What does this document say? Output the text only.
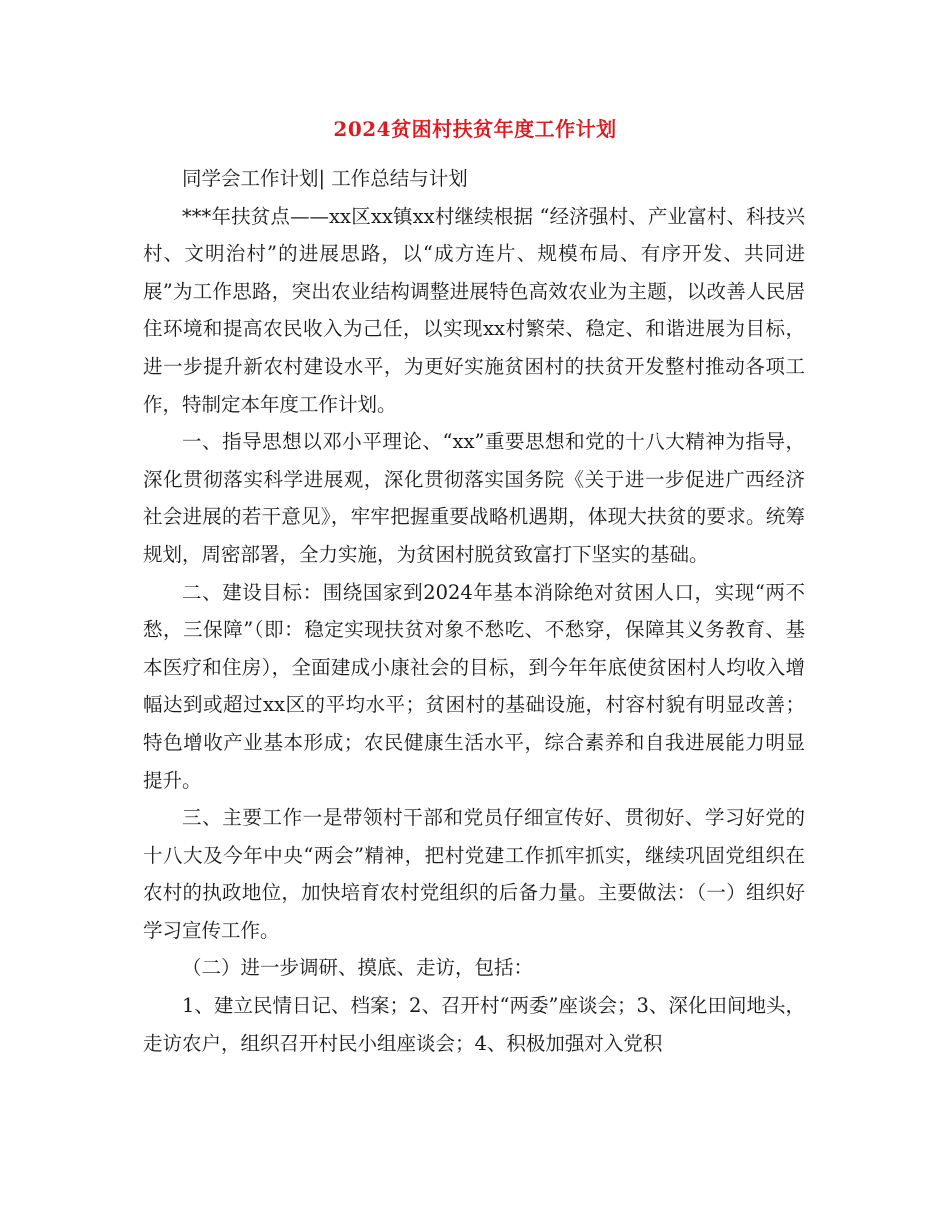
2024贫困村扶贫年度工作计划

同学会工作计划| 工作总结与计划

***年扶贫点——xx区xx镇xx村继续根据 “经济强村、产业富村、科技兴村、文明治村”的进展思路，以“成方连片、规模布局、有序开发、共同进展”为工作思路，突出农业结构调整进展特色高效农业为主题，以改善人民居住环境和提高农民收入为己任，以实现xx村繁荣、稳定、和谐进展为目标，进一步提升新农村建设水平，为更好实施贫困村的扶贫开发整村推动各项工作，特制定本年度工作计划。

一、指导思想以邓小平理论、“xx”重要思想和党的十八大精神为指导，深化贯彻落实科学进展观，深化贯彻落实国务院《关于进一步促进广西经济社会进展的若干意见》，牢牢把握重要战略机遇期，体现大扶贫的要求。统筹规划，周密部署，全力实施，为贫困村脱贫致富打下坚实的基础。

二、建设目标：围绕国家到2024年基本消除绝对贫困人口，实现“两不愁，三保障”（即：稳定实现扶贫对象不愁吃、不愁穿，保障其义务教育、基本医疗和住房），全面建成小康社会的目标，到今年年底使贫困村人均收入增幅达到或超过xx区的平均水平；贫困村的基础设施，村容村貌有明显改善；特色增收产业基本形成；农民健康生活水平，综合素养和自我进展能力明显提升。

三、主要工作一是带领村干部和党员仔细宣传好、贯彻好、学习好党的十八大及今年中央“两会”精神，把村党建工作抓牢抓实，继续巩固党组织在农村的执政地位，加快培育农村党组织的后备力量。主要做法：（一）组织好学习宣传工作。

（二）进一步调研、摸底、走访，包括：

1、建立民情日记、档案；2、召开村“两委”座谈会；3、深化田间地头，走访农户，组织召开村民小组座谈会；4、积极加强对入党积
